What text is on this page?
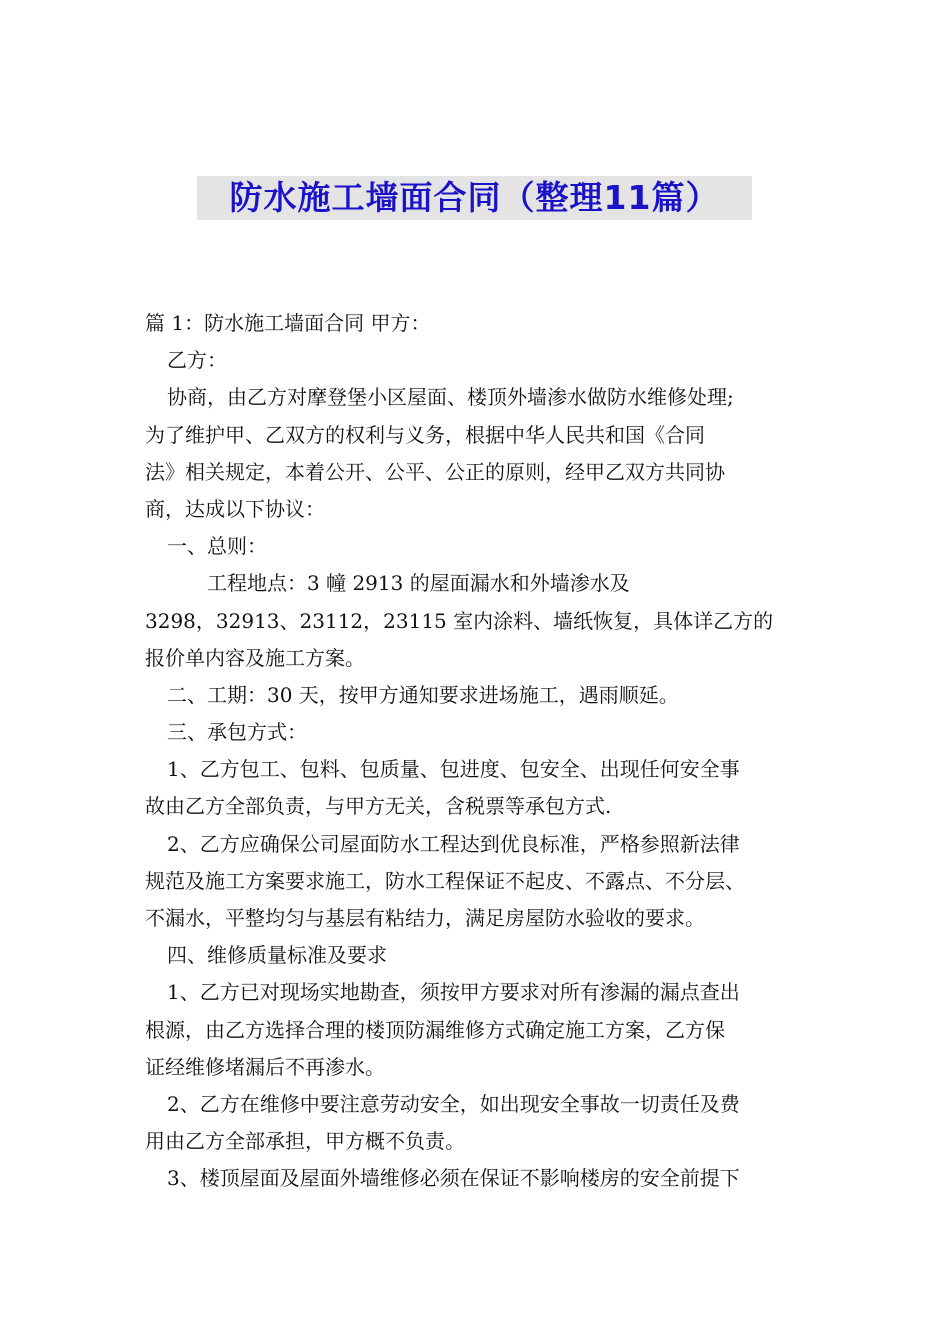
防水施工墙面合同（整理11篇）
篇 1：防水施工墙面合同 甲方：
乙方：
协商，由乙方对摩登堡小区屋面、楼顶外墙渗水做防水维修处理;
为了维护甲、乙双方的权利与义务，根据中华人民共和国《合同
法》相关规定，本着公开、公平、公正的原则，经甲乙双方共同协
商，达成以下协议：
一、总则：
工程地点：3 幢 2913 的屋面漏水和外墙渗水及
3298，32913、23112，23115 室内涂料、墙纸恢复，具体详乙方的
报价单内容及施工方案。
二、工期：30 天，按甲方通知要求进场施工，遇雨顺延。
三、承包方式：
1、乙方包工、包料、包质量、包进度、包安全、出现任何安全事
故由乙方全部负责，与甲方无关，含税票等承包方式.
2、乙方应确保公司屋面防水工程达到优良标准，严格参照新法律
规范及施工方案要求施工，防水工程保证不起皮、不露点、不分层、
不漏水，平整均匀与基层有粘结力，满足房屋防水验收的要求。
四、维修质量标准及要求
1、乙方已对现场实地勘查，须按甲方要求对所有渗漏的漏点查出
根源，由乙方选择合理的楼顶防漏维修方式确定施工方案，乙方保
证经维修堵漏后不再渗水。
2、乙方在维修中要注意劳动安全，如出现安全事故一切责任及费
用由乙方全部承担，甲方概不负责。
3、楼顶屋面及屋面外墙维修必须在保证不影响楼房的安全前提下
